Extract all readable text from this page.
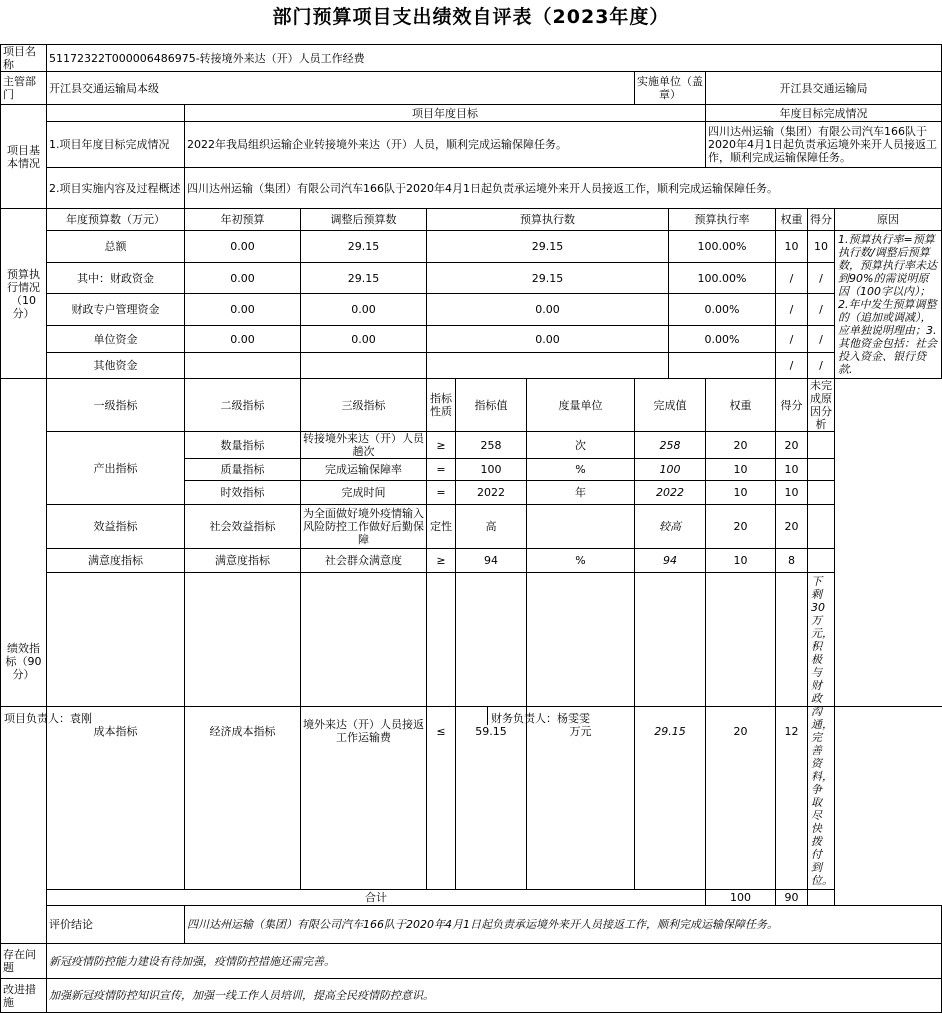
部门预算项目支出绩效自评表（2023年度）
项目名称	51172322T000006486975-转接境外来达（开）人员工作经费											
主管部门	开江县交通运输局本级						实施单位（盖章）		开江县交通运输局			
项目基本情况		项目年度目标							年度目标完成情况			
	1.项目年度目标完成情况	2022年我局组织运输企业转接境外来达（开）人员，顺利完成运输保障任务。							四川达州运输（集团）有限公司汽车166队于2020年4月1日起负责承运境外来开人员接返工作，顺利完成运输保障任务。			
	2.项目实施内容及过程概述	四川达州运输（集团）有限公司汽车166队于2020年4月1日起负责承运境外来开人员接返工作，顺利完成运输保障任务。										
预算执行情况（10分）	年度预算数（万元）	年初预算	调整后预算数	预算执行数				预算执行率		权重	得分	原因
	总额	0.00	29.15	29.15				100.00%		10	10	1.预算执行率=预算执行数/调整后预算数，预算执行率未达到90%的需说明原因（100字以内）；2.年中发生预算调整的（追加或调减），应单独说明理由；3.其他资金包括：社会投入资金、银行贷款.
	其中：财政资金	0.00	29.15	29.15				100.00%		/	/	
	财政专户管理资金	0.00	0.00	0.00				0.00%		/	/	
	单位资金	0.00	0.00	0.00				0.00%		/	/	
	其他资金									/	/	
绩效指标（90分）	一级指标	二级指标	三级指标	指标性质	指标值	度量单位	完成值		权重	得分	未完成原因分析	
	产出指标	数量指标	转接境外来达（开）人员趟次	≥	258	次	258		20	20		
		质量指标	完成运输保障率	=	100	%	100		10	10		
		时效指标	完成时间	=	2022	年	2022		10	10		
	效益指标	社会效益指标	为全面做好境外疫情输入风险防控工作做好后勤保障	定性	高		较高		20	20		
	满意度指标	满意度指标	社会群众满意度	≥	94	%	94		10	8		
	成本指标	经济成本指标	境外来达（开）人员接返工作运输费	≤	59.15	万元	29.15		20	12	下剩30万元，积极与财政沟通，完善资料，争取尽快拨付到位。	
	合计								100	90		
	评价结论	四川达州运输（集团）有限公司汽车166队于2020年4月1日起负责承运境外来开人员接返工作，顺利完成运输保障任务。										
存在问题	新冠疫情防控能力建设有待加强，疫情防控措施还需完善。											
改进措施	加强新冠疫情防控知识宣传，加强一线工作人员培训，提高全民疫情防控意识。											
项目负责人：袁刚	财务负责人：杨雯雯
